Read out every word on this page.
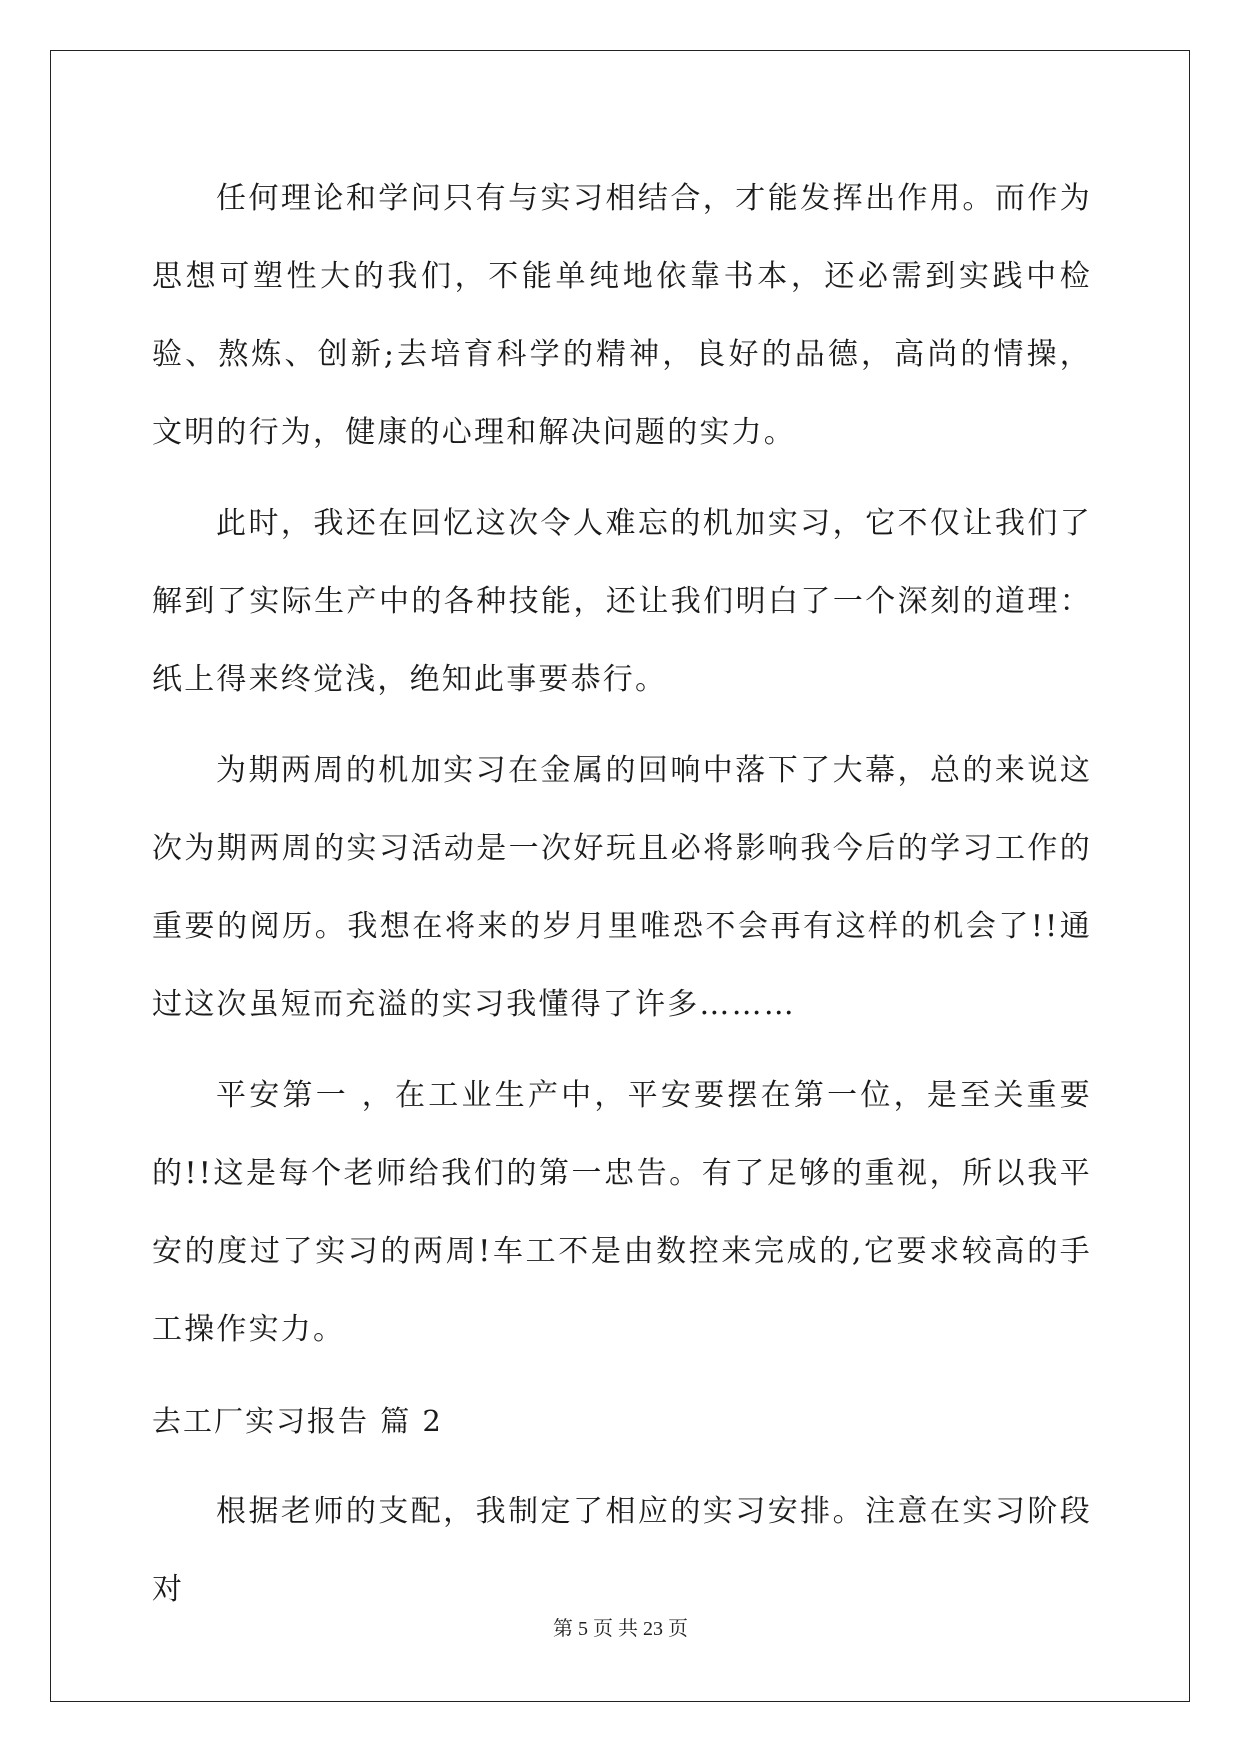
任何理论和学问只有与实习相结合，才能发挥出作用。而作为思想可塑性大的我们，不能单纯地依靠书本，还必需到实践中检验、熬炼、创新;去培育科学的精神，良好的品德，高尚的情操，文明的行为，健康的心理和解决问题的实力。

此时，我还在回忆这次令人难忘的机加实习，它不仅让我们了解到了实际生产中的各种技能，还让我们明白了一个深刻的道理：纸上得来终觉浅，绝知此事要恭行。

为期两周的机加实习在金属的回响中落下了大幕，总的来说这次为期两周的实习活动是一次好玩且必将影响我今后的学习工作的重要的阅历。我想在将来的岁月里唯恐不会再有这样的机会了!!通过这次虽短而充溢的实习我懂得了许多………

平安第一 ，在工业生产中，平安要摆在第一位，是至关重要的!!这是每个老师给我们的第一忠告。有了足够的重视，所以我平安的度过了实习的两周!车工不是由数控来完成的,它要求较高的手工操作实力。

去工厂实习报告 篇 2

根据老师的支配，我制定了相应的实习安排。注意在实习阶段对

第 5 页 共 23 页
